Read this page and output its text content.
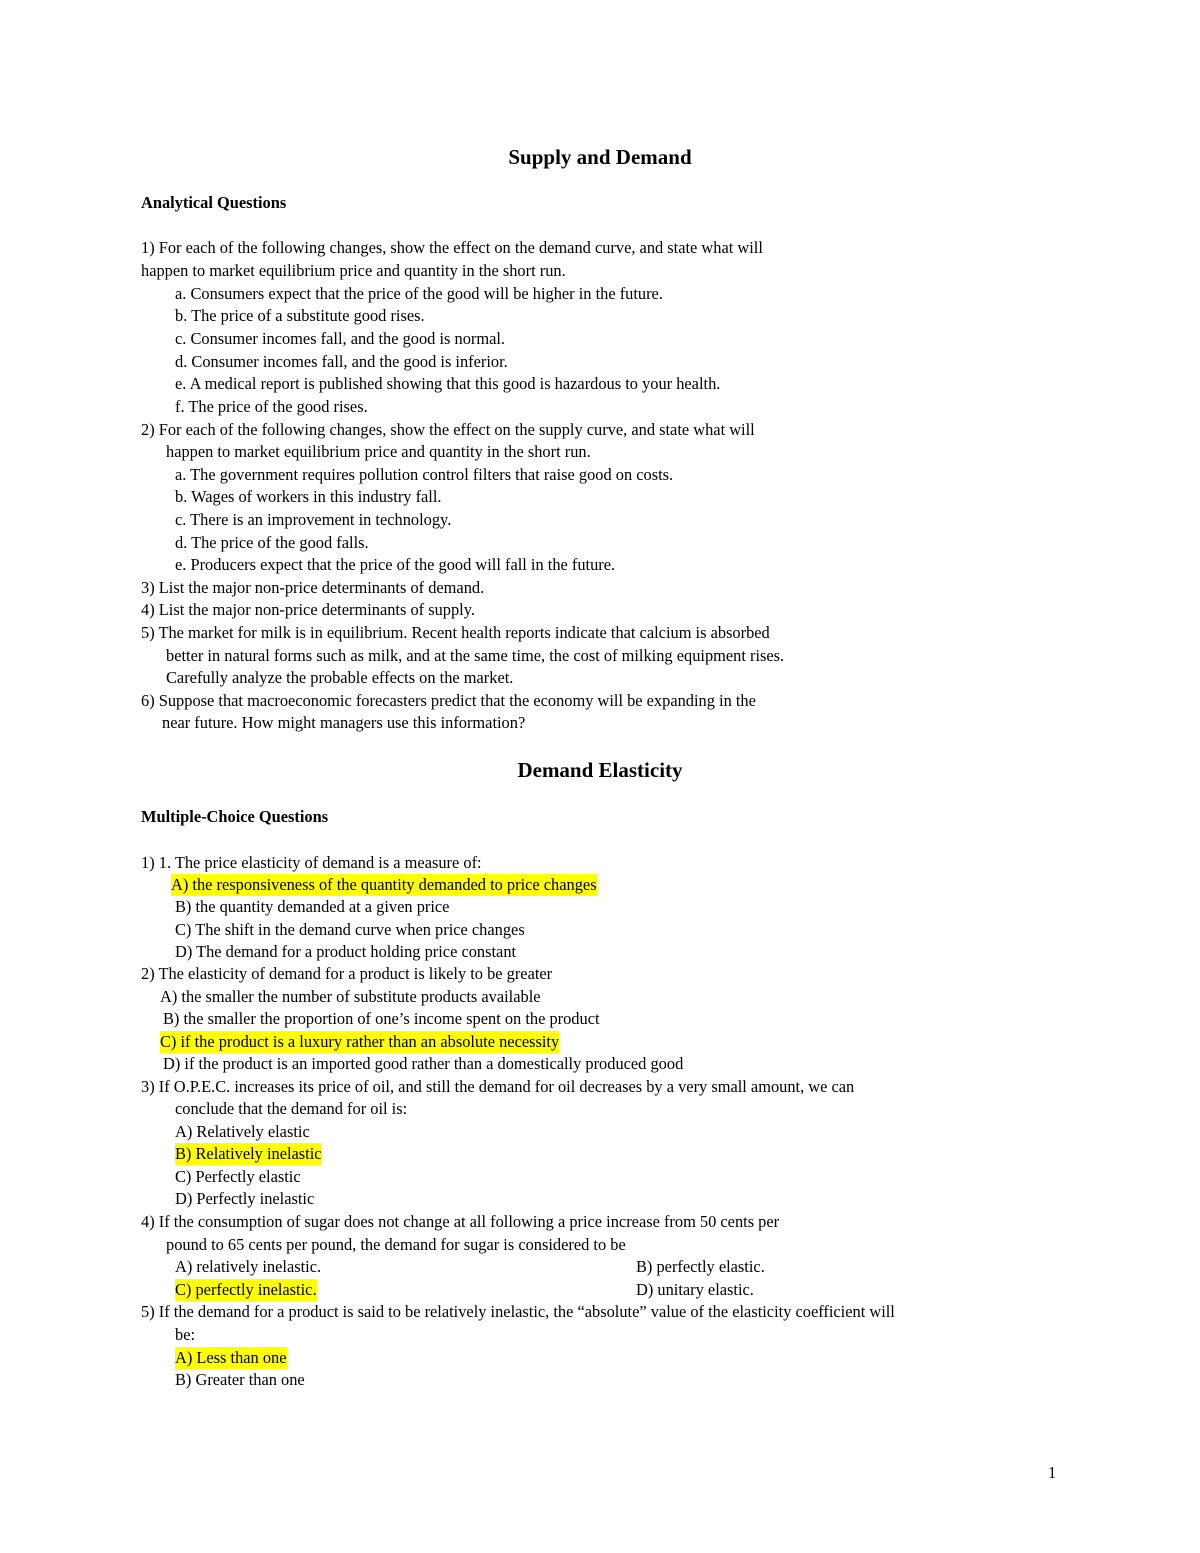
Supply and Demand
Analytical Questions
1) For each of the following changes, show the effect on the demand curve, and state what will
happen to market equilibrium price and quantity in the short run.
a. Consumers expect that the price of the good will be higher in the future.
b. The price of a substitute good rises.
c. Consumer incomes fall, and the good is normal.
d. Consumer incomes fall, and the good is inferior.
e. A medical report is published showing that this good is hazardous to your health.
f. The price of the good rises.
2) For each of the following changes, show the effect on the supply curve, and state what will
happen to market equilibrium price and quantity in the short run.
a. The government requires pollution control filters that raise good on costs.
b. Wages of workers in this industry fall.
c. There is an improvement in technology.
d. The price of the good falls.
e. Producers expect that the price of the good will fall in the future.
3) List the major non-price determinants of demand.
4) List the major non-price determinants of supply.
5) The market for milk is in equilibrium. Recent health reports indicate that calcium is absorbed
better in natural forms such as milk, and at the same time, the cost of milking equipment rises.
Carefully analyze the probable effects on the market.
6) Suppose that macroeconomic forecasters predict that the economy will be expanding in the
near future. How might managers use this information?
Demand Elasticity
Multiple-Choice Questions
1) 1. The price elasticity of demand is a measure of:
A) the responsiveness of the quantity demanded to price changes
B) the quantity demanded at a given price
C) The shift in the demand curve when price changes
D) The demand for a product holding price constant
2) The elasticity of demand for a product is likely to be greater
A) the smaller the number of substitute products available
B) the smaller the proportion of one’s income spent on the product
C) if the product is a luxury rather than an absolute necessity
D) if the product is an imported good rather than a domestically produced good
3) If O.P.E.C. increases its price of oil, and still the demand for oil decreases by a very small amount, we can
conclude that the demand for oil is:
A) Relatively elastic
B) Relatively inelastic
C) Perfectly elastic
D) Perfectly inelastic
4) If the consumption of sugar does not change at all following a price increase from 50 cents per
pound to 65 cents per pound, the demand for sugar is considered to be
A) relatively inelastic.	B) perfectly elastic.
C) perfectly inelastic.	D) unitary elastic.
5) If the demand for a product is said to be relatively inelastic, the “absolute” value of the elasticity coefficient will
be:
A) Less than one
B) Greater than one
1
